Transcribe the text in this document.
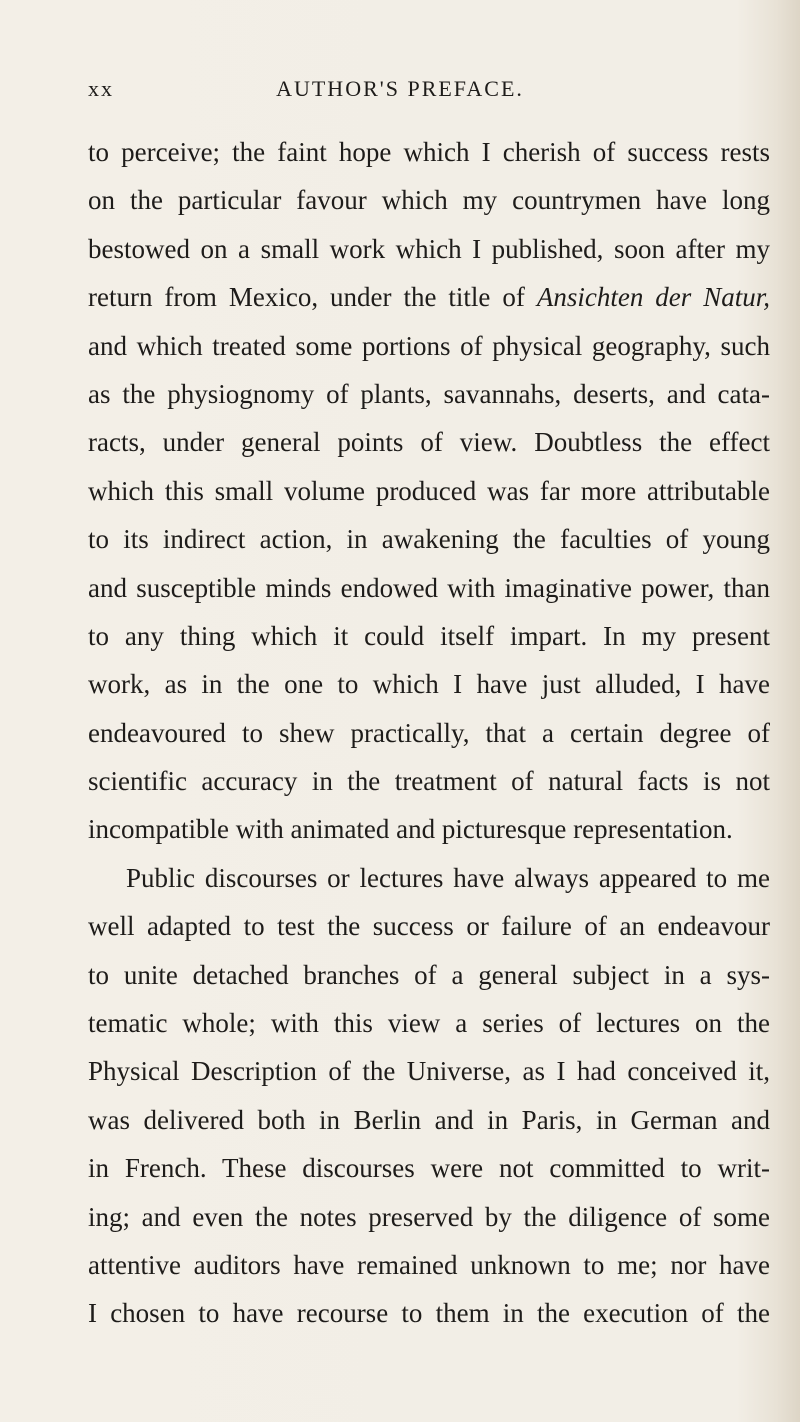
xx	AUTHOR'S PREFACE.
to perceive; the faint hope which I cherish of success rests
on the particular favour which my countrymen have long
bestowed on a small work which I published, soon after my
return from Mexico, under the title of Ansichten der Natur,
and which treated some portions of physical geography, such
as the physiognomy of plants, savannahs, deserts, and cata-
racts, under general points of view. Doubtless the effect
which this small volume produced was far more attributable
to its indirect action, in awakening the faculties of young
and susceptible minds endowed with imaginative power, than
to any thing which it could itself impart. In my present
work, as in the one to which I have just alluded, I have
endeavoured to shew practically, that a certain degree of
scientific accuracy in the treatment of natural facts is not
incompatible with animated and picturesque representation.
Public discourses or lectures have always appeared to me
well adapted to test the success or failure of an endeavour
to unite detached branches of a general subject in a sys-
tematic whole; with this view a series of lectures on the
Physical Description of the Universe, as I had conceived it,
was delivered both in Berlin and in Paris, in German and
in French. These discourses were not committed to writ-
ing; and even the notes preserved by the diligence of some
attentive auditors have remained unknown to me; nor have
I chosen to have recourse to them in the execution of the
